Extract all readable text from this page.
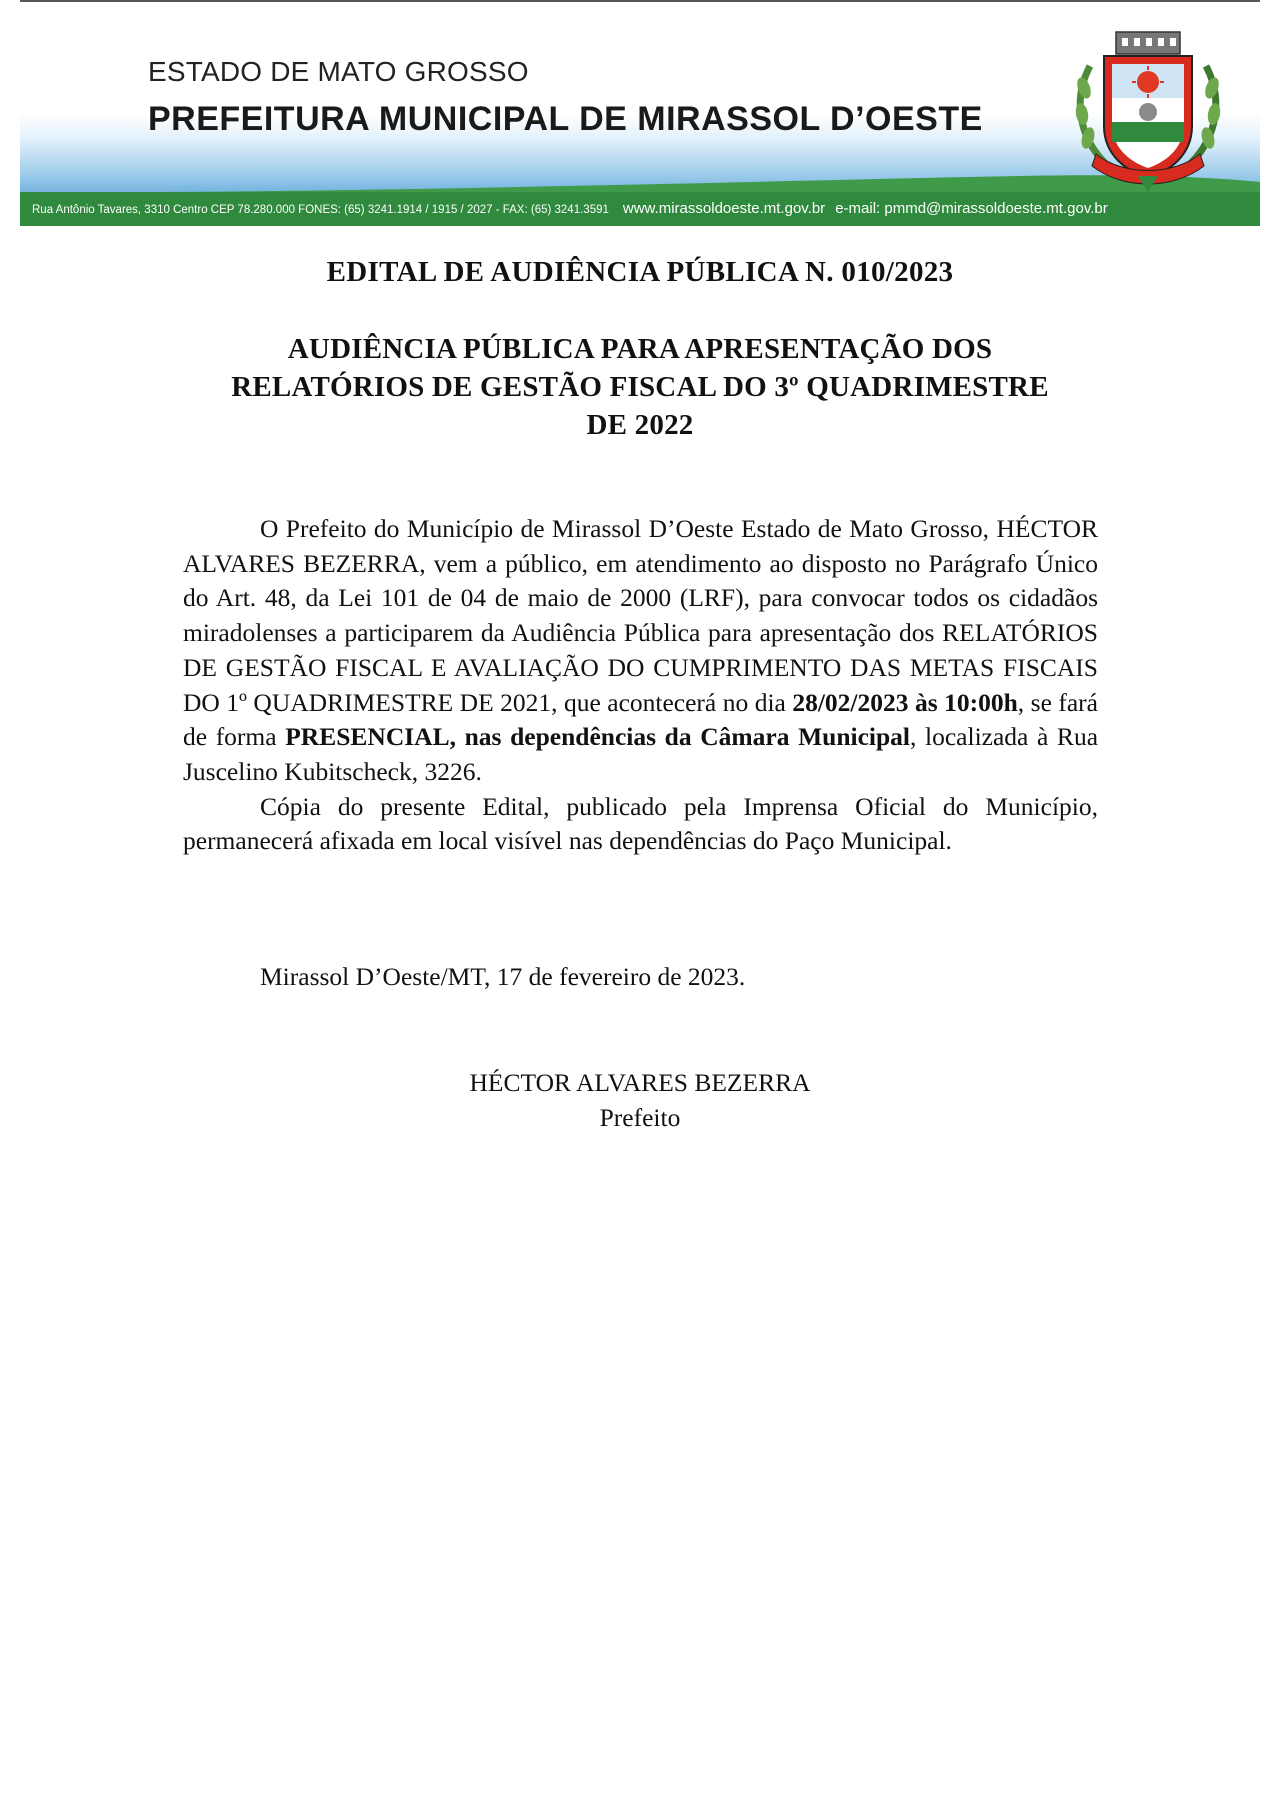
ESTADO DE MATO GROSSO
PREFEITURA MUNICIPAL DE MIRASSOL D’OESTE
Rua Antônio Tavares, 3310 Centro CEP 78.280.000 FONES: (65) 3241.1914 / 1915 / 2027 - FAX: (65) 3241.3591 www.mirassoldoeste.mt.gov.br e-mail: pmmd@mirassoldoeste.mt.gov.br
EDITAL DE AUDIÊNCIA PÚBLICA N. 010/2023
AUDIÊNCIA PÚBLICA PARA APRESENTAÇÃO DOS
RELATÓRIOS DE GESTÃO FISCAL DO 3º QUADRIMESTRE
DE 2022

O Prefeito do Município de Mirassol D’Oeste Estado de Mato Grosso, HÉCTOR ALVARES BEZERRA, vem a público, em atendimento ao disposto no Parágrafo Único do Art. 48, da Lei 101 de 04 de maio de 2000 (LRF), para convocar todos os cidadãos miradolenses a participarem da Audiência Pública para apresentação dos RELATÓRIOS DE GESTÃO FISCAL E AVALIAÇÃO DO CUMPRIMENTO DAS METAS FISCAIS DO 1º QUADRIMESTRE DE 2021, que acontecerá no dia 28/02/2023 às 10:00h, se fará de forma PRESENCIAL, nas dependências da Câmara Municipal, localizada à Rua Juscelino Kubitscheck, 3226.

Cópia do presente Edital, publicado pela Imprensa Oficial do Município, permanecerá afixada em local visível nas dependências do Paço Municipal.

Mirassol D’Oeste/MT, 17 de fevereiro de 2023.
HÉCTOR ALVARES BEZERRA
Prefeito
